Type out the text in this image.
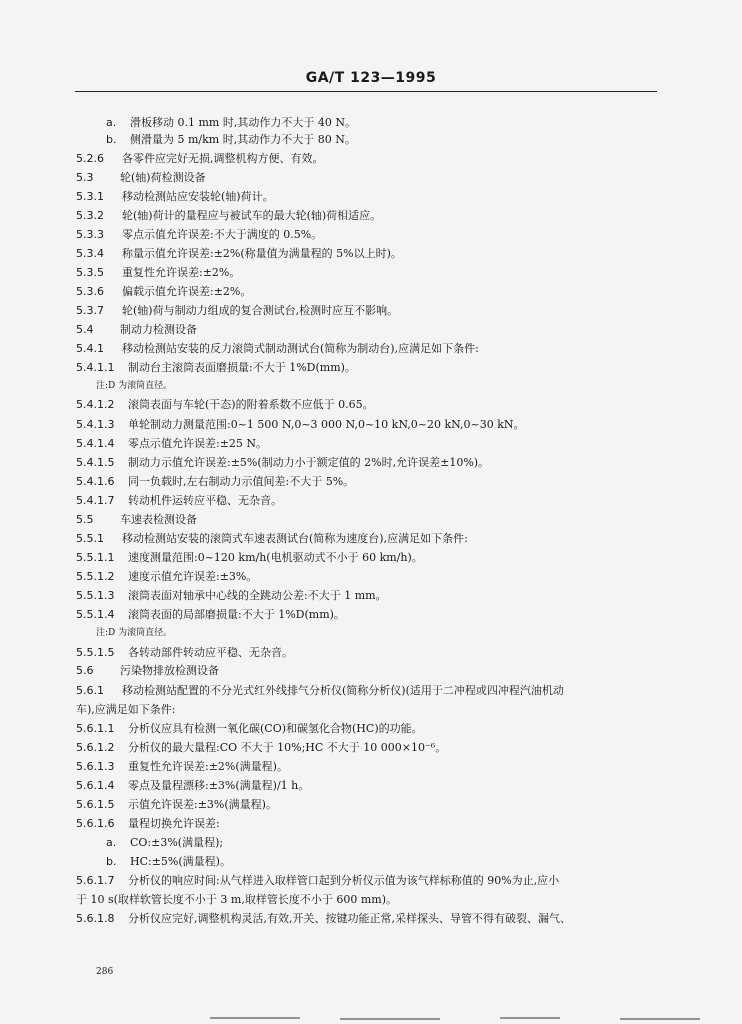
GA/T 123—1995
a. 滑板移动 0.1 mm 时,其动作力不大于 40 N。
b. 侧滑量为 5 m/km 时,其动作力不大于 80 N。
5.2.6 各零件应完好无损,调整机构方便、有效。
5.3 轮(轴)荷检测设备
5.3.1 移动检测站应安装轮(轴)荷计。
5.3.2 轮(轴)荷计的量程应与被试车的最大轮(轴)荷相适应。
5.3.3 零点示值允许误差:不大于满度的 0.5%。
5.3.4 称量示值允许误差:±2%(称量值为满量程的 5%以上时)。
5.3.5 重复性允许误差:±2%。
5.3.6 偏载示值允许误差:±2%。
5.3.7 轮(轴)荷与制动力组成的复合测试台,检测时应互不影响。
5.4 制动力检测设备
5.4.1 移动检测站安装的反力滚筒式制动测试台(简称为制动台),应满足如下条件:
5.4.1.1 制动台主滚筒表面磨损量:不大于 1%D(mm)。
注:D 为滚筒直径。
5.4.1.2 滚筒表面与车轮(干态)的附着系数不应低于 0.65。
5.4.1.3 单轮制动力测量范围:0~1 500 N,0~3 000 N,0~10 kN,0~20 kN,0~30 kN。
5.4.1.4 零点示值允许误差:±25 N。
5.4.1.5 制动力示值允许误差:±5%(制动力小于额定值的 2%时,允许误差±10%)。
5.4.1.6 同一负载时,左右制动力示值间差:不大于 5%。
5.4.1.7 转动机件运转应平稳、无杂音。
5.5 车速表检测设备
5.5.1 移动检测站安装的滚筒式车速表测试台(简称为速度台),应满足如下条件:
5.5.1.1 速度测量范围:0~120 km/h(电机驱动式不小于 60 km/h)。
5.5.1.2 速度示值允许误差:±3%。
5.5.1.3 滚筒表面对轴承中心线的全跳动公差:不大于 1 mm。
5.5.1.4 滚筒表面的局部磨损量:不大于 1%D(mm)。
注:D 为滚筒直径。
5.5.1.5 各转动部件转动应平稳、无杂音。
5.6 污染物排放检测设备
5.6.1 移动检测站配置的不分光式红外线排气分析仪(简称分析仪)(适用于二冲程或四冲程汽油机动
车),应满足如下条件:
5.6.1.1 分析仪应具有检测一氧化碳(CO)和碳氢化合物(HC)的功能。
5.6.1.2 分析仪的最大量程:CO 不大于 10%;HC 不大于 10 000×10⁻⁶。
5.6.1.3 重复性允许误差:±2%(满量程)。
5.6.1.4 零点及量程漂移:±3%(满量程)/1 h。
5.6.1.5 示值允许误差:±3%(满量程)。
5.6.1.6 量程切换允许误差:
a. CO:±3%(满量程);
b. HC:±5%(满量程)。
5.6.1.7 分析仪的响应时间:从气样进入取样管口起到分析仪示值为该气样标称值的 90%为止,应小
于 10 s(取样软管长度不小于 3 m,取样管长度不小于 600 mm)。
5.6.1.8 分析仪应完好,调整机构灵活,有效,开关、按键功能正常,采样探头、导管不得有破裂、漏气、
286
